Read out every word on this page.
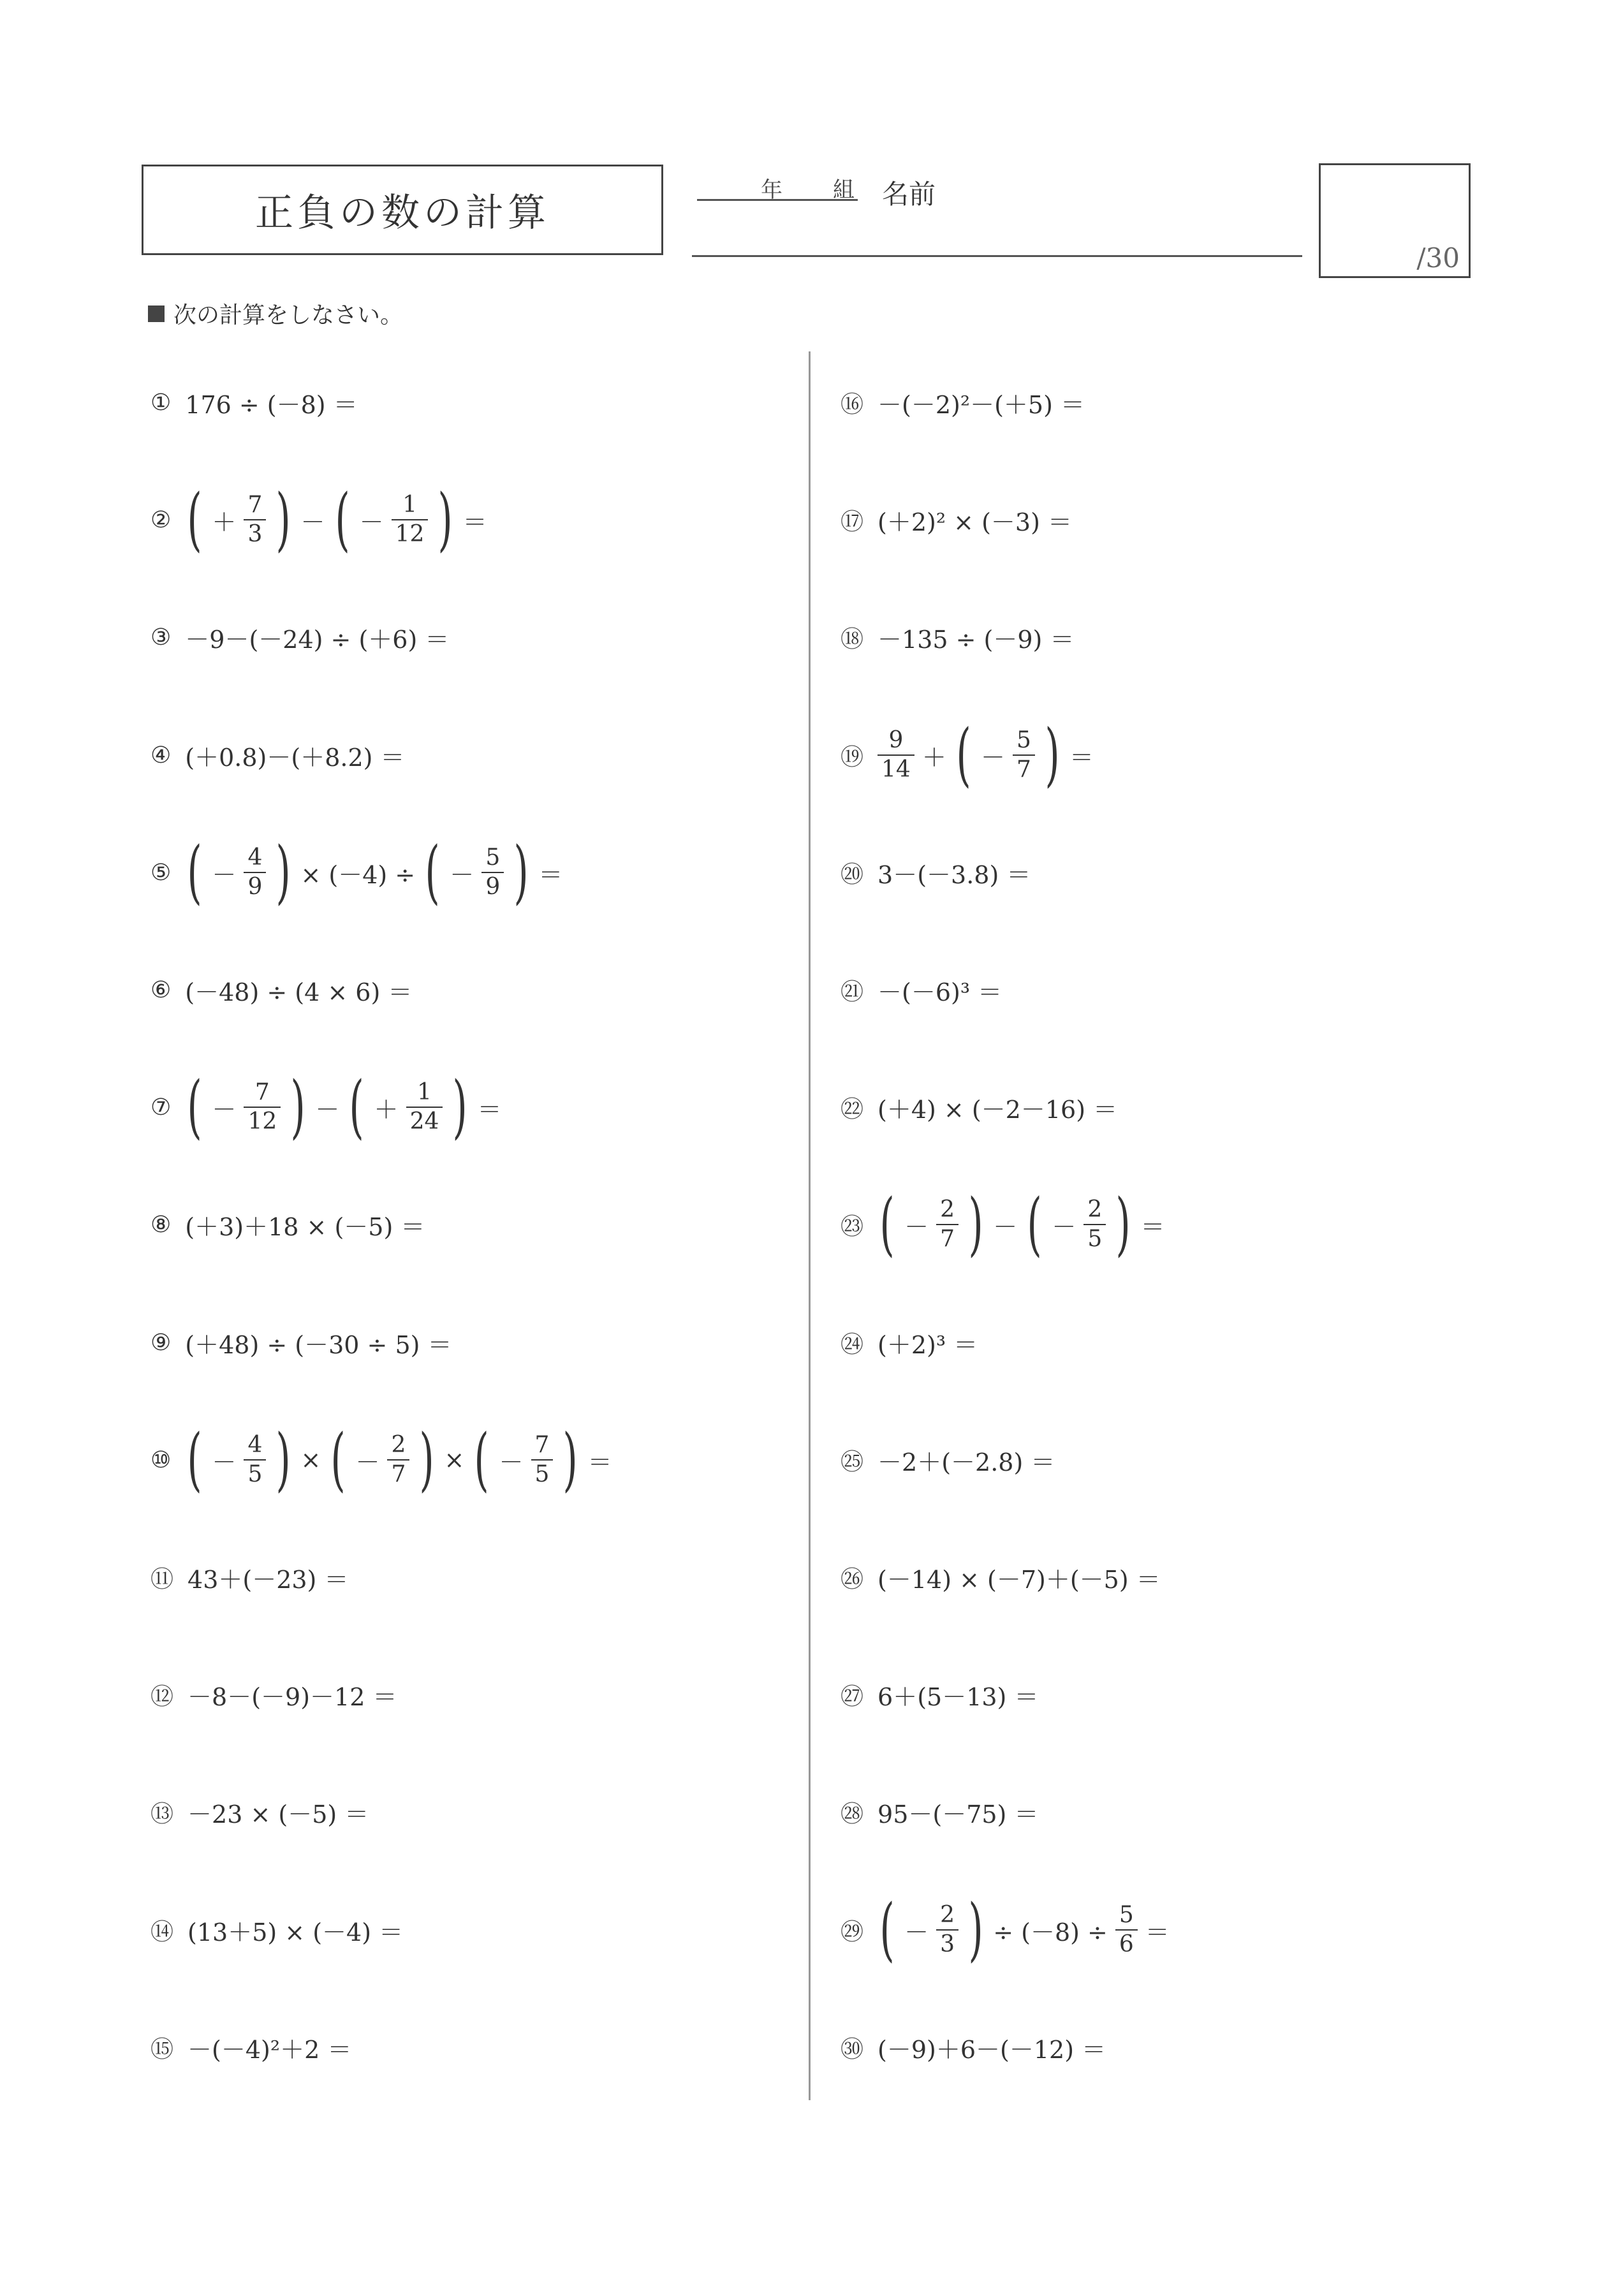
正負の数の計算
年 組 名前
/30
次の計算をしなさい。
① 176 ÷ (－8) ＝
② ( ＋ $\frac{7}{3}$ ) － ( － $\frac{1}{12}$ ) ＝
③ －9－(－24) ÷ (＋6) ＝
④ (＋0.8)－(＋8.2) ＝
⑤ ( － $\frac{4}{9}$ ) × (－4) ÷ ( － $\frac{5}{9}$ ) ＝
⑥ (－48) ÷ (4 × 6) ＝
⑦ ( － $\frac{7}{12}$ ) － ( ＋ $\frac{1}{24}$ ) ＝
⑧ (＋3)＋18 × (－5) ＝
⑨ (＋48) ÷ (－30 ÷ 5) ＝
⑩ ( － $\frac{4}{5}$ ) × ( － $\frac{2}{7}$ ) × ( － $\frac{7}{5}$ ) ＝
⑪ 43＋(－23) ＝
⑫ －8－(－9)－12 ＝
⑬ －23 × (－5) ＝
⑭ (13＋5) × (－4) ＝
⑮ －(－4)²＋2 ＝
⑯ －(－2)²－(＋5) ＝
⑰ (＋2)² × (－3) ＝
⑱ －135 ÷ (－9) ＝
⑲ $\frac{9}{14}$ ＋ ( － $\frac{5}{7}$ ) ＝
⑳ 3－(－3.8) ＝
㉑ －(－6)³ ＝
㉒ (＋4) × (－2－16) ＝
㉓ ( － $\frac{2}{7}$ ) － ( － $\frac{2}{5}$ ) ＝
㉔ (＋2)³ ＝
㉕ －2＋(－2.8) ＝
㉖ (－14) × (－7)＋(－5) ＝
㉗ 6＋(5－13) ＝
㉘ 95－(－75) ＝
㉙ ( － $\frac{2}{3}$ ) ÷ $(-8) \div \frac{5}{6}$ ＝
㉚ (－9)＋6－(－12) ＝
